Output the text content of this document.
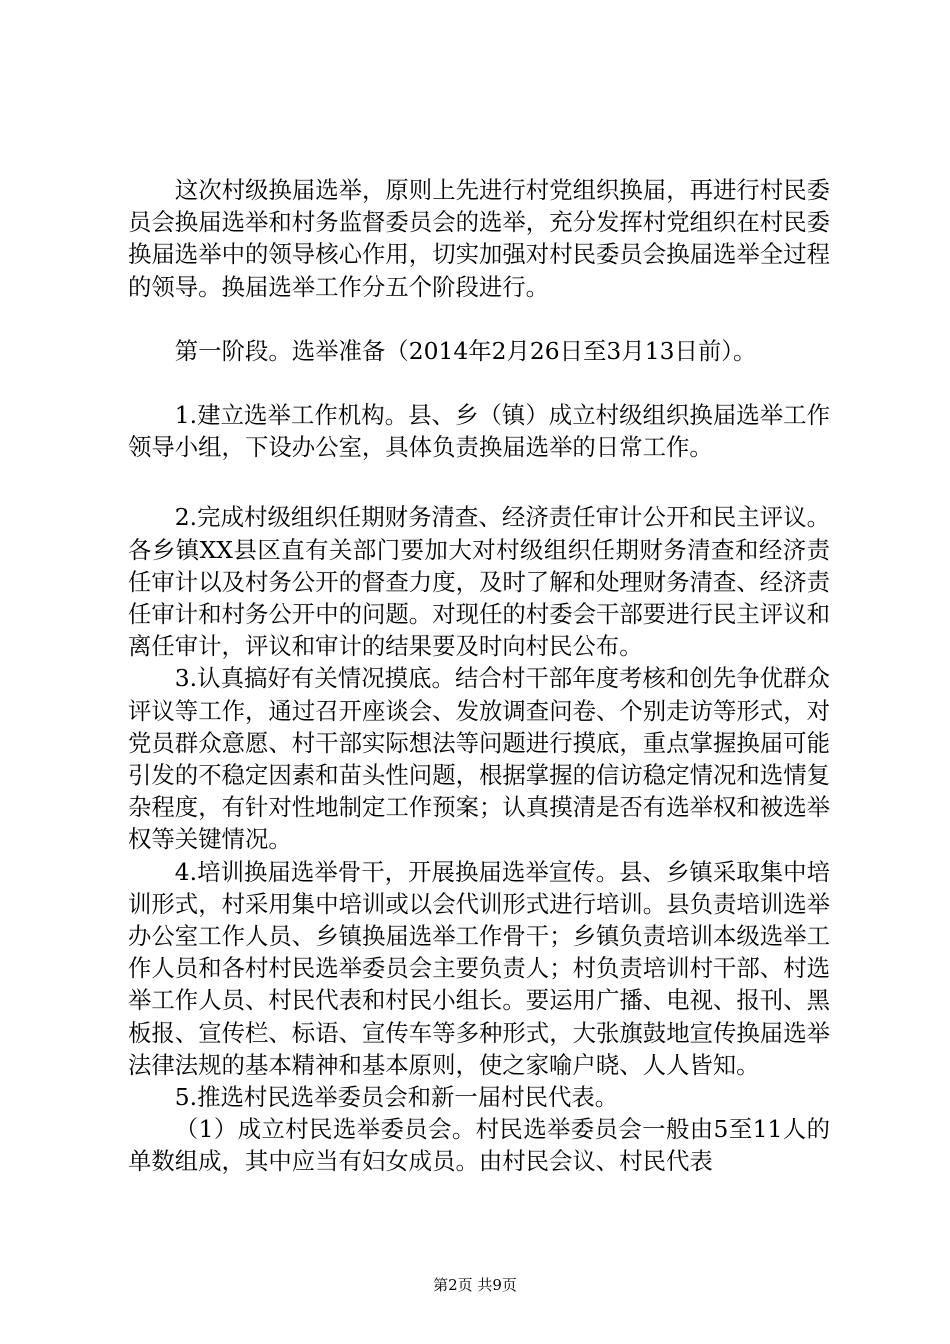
这次村级换届选举，原则上先进行村党组织换届，再进行村民委员会换届选举和村务监督委员会的选举，充分发挥村党组织在村民委换届选举中的领导核心作用，切实加强对村民委员会换届选举全过程的领导。换届选举工作分五个阶段进行。

第一阶段。选举准备（2014年2月26日至3月13日前）。

1.建立选举工作机构。县、乡（镇）成立村级组织换届选举工作领导小组，下设办公室，具体负责换届选举的日常工作。

2.完成村级组织任期财务清查、经济责任审计公开和民主评议。各乡镇XX县区直有关部门要加大对村级组织任期财务清查和经济责任审计以及村务公开的督查力度，及时了解和处理财务清查、经济责任审计和村务公开中的问题。对现任的村委会干部要进行民主评议和离任审计，评议和审计的结果要及时向村民公布。

3.认真搞好有关情况摸底。结合村干部年度考核和创先争优群众评议等工作，通过召开座谈会、发放调查问卷、个别走访等形式，对党员群众意愿、村干部实际想法等问题进行摸底，重点掌握换届可能引发的不稳定因素和苗头性问题，根据掌握的信访稳定情况和选情复杂程度，有针对性地制定工作预案；认真摸清是否有选举权和被选举权等关键情况。

4.培训换届选举骨干，开展换届选举宣传。县、乡镇采取集中培训形式，村采用集中培训或以会代训形式进行培训。县负责培训选举办公室工作人员、乡镇换届选举工作骨干；乡镇负责培训本级选举工作人员和各村村民选举委员会主要负责人；村负责培训村干部、村选举工作人员、村民代表和村民小组长。要运用广播、电视、报刊、黑板报、宣传栏、标语、宣传车等多种形式，大张旗鼓地宣传换届选举法律法规的基本精神和基本原则，使之家喻户晓、人人皆知。

5.推选村民选举委员会和新一届村民代表。

（1）成立村民选举委员会。村民选举委员会一般由5至11人的单数组成，其中应当有妇女成员。由村民会议、村民代表

第2页 共9页
